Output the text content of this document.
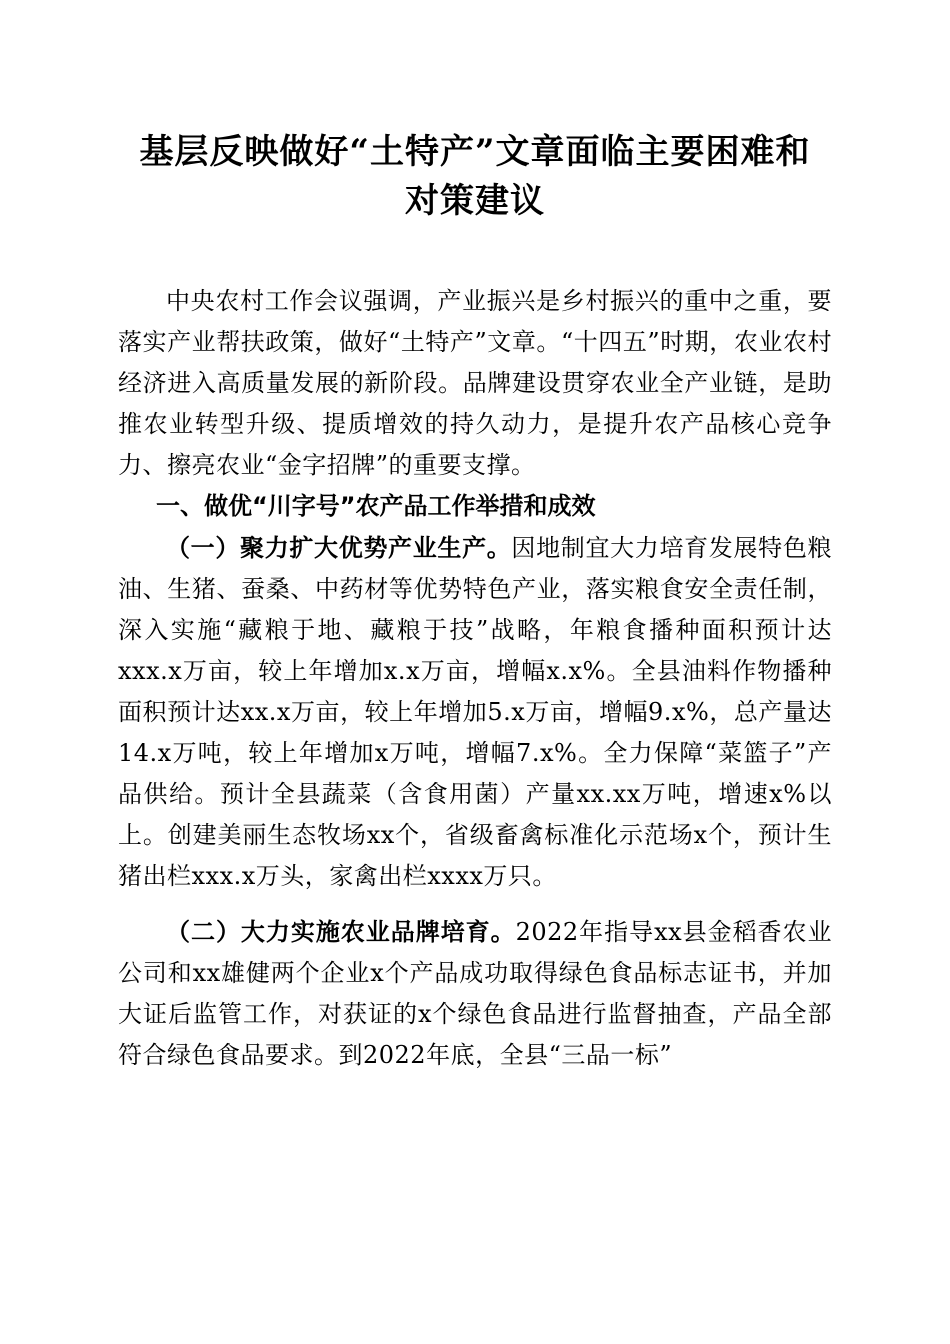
基层反映做好“土特产”文章面临主要困难和
对策建议

中央农村工作会议强调，产业振兴是乡村振兴的重中之重，要落实产业帮扶政策，做好“土特产”文章。“十四五”时期，农业农村经济进入高质量发展的新阶段。品牌建设贯穿农业全产业链，是助推农业转型升级、提质增效的持久动力，是提升农产品核心竞争力、擦亮农业“金字招牌”的重要支撑。

一、做优“川字号”农产品工作举措和成效

（一）聚力扩大优势产业生产。因地制宜大力培育发展特色粮油、生猪、蚕桑、中药材等优势特色产业，落实粮食安全责任制，深入实施“藏粮于地、藏粮于技”战略，年粮食播种面积预计达xxx.x万亩，较上年增加x.x万亩，增幅x.x%。全县油料作物播种面积预计达xx.x万亩，较上年增加5.x万亩，增幅9.x%，总产量达14.x万吨，较上年增加x万吨，增幅7.x%。全力保障“菜篮子”产品供给。预计全县蔬菜（含食用菌）产量xx.xx万吨，增速x%以上。创建美丽生态牧场xx个，省级畜禽标准化示范场x个，预计生猪出栏xxx.x万头，家禽出栏xxxx万只。

（二）大力实施农业品牌培育。2022年指导xx县金稻香农业公司和xx雄健两个企业x个产品成功取得绿色食品标志证书，并加大证后监管工作，对获证的x个绿色食品进行监督抽查，产品全部符合绿色食品要求。到2022年底，全县“三品一标”
